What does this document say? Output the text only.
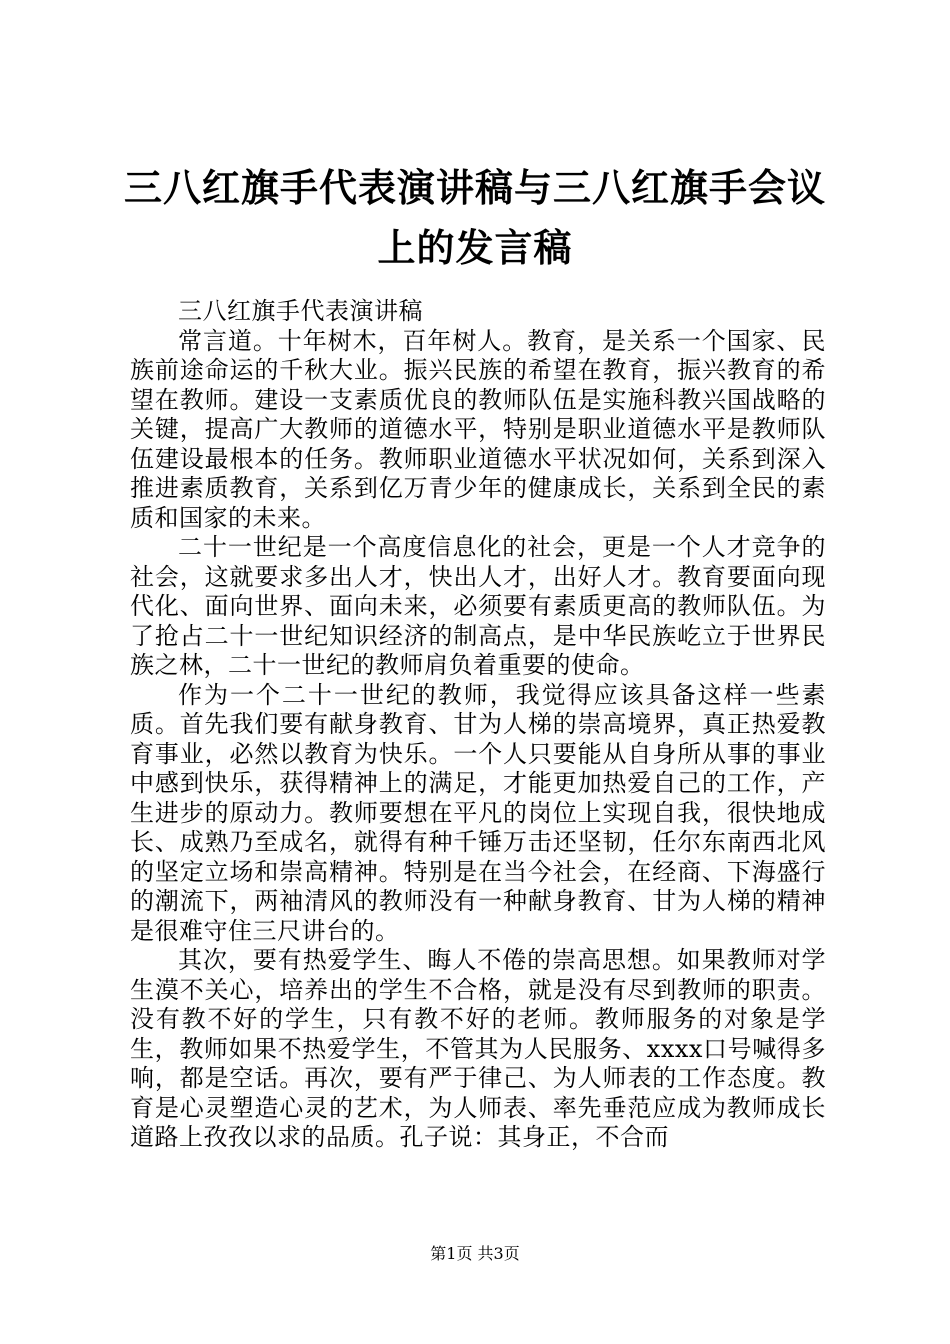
三八红旗手代表演讲稿与三八红旗手会议上的发言稿

三八红旗手代表演讲稿

常言道。十年树木，百年树人。教育，是关系一个国家、民族前途命运的千秋大业。振兴民族的希望在教育，振兴教育的希望在教师。建设一支素质优良的教师队伍是实施科教兴国战略的关键，提高广大教师的道德水平，特别是职业道德水平是教师队伍建设最根本的任务。教师职业道德水平状况如何，关系到深入推进素质教育，关系到亿万青少年的健康成长，关系到全民的素质和国家的未来。

二十一世纪是一个高度信息化的社会，更是一个人才竞争的社会，这就要求多出人才，快出人才，出好人才。教育要面向现代化、面向世界、面向未来，必须要有素质更高的教师队伍。为了抢占二十一世纪知识经济的制高点，是中华民族屹立于世界民族之林，二十一世纪的教师肩负着重要的使命。

作为一个二十一世纪的教师，我觉得应该具备这样一些素质。首先我们要有献身教育、甘为人梯的崇高境界，真正热爱教育事业，必然以教育为快乐。一个人只要能从自身所从事的事业中感到快乐，获得精神上的满足，才能更加热爱自己的工作，产生进步的原动力。教师要想在平凡的岗位上实现自我，很快地成长、成熟乃至成名，就得有种千锤万击还坚韧，任尔东南西北风的坚定立场和崇高精神。特别是在当今社会，在经商、下海盛行的潮流下，两袖清风的教师没有一种献身教育、甘为人梯的精神是很难守住三尺讲台的。

其次，要有热爱学生、晦人不倦的崇高思想。如果教师对学生漠不关心，培养出的学生不合格，就是没有尽到教师的职责。没有教不好的学生，只有教不好的老师。教师服务的对象是学生，教师如果不热爱学生，不管其为人民服务、xxxx口号喊得多响，都是空话。再次，要有严于律己、为人师表的工作态度。教育是心灵塑造心灵的艺术，为人师表、率先垂范应成为教师成长道路上孜孜以求的品质。孔子说：其身正，不合而

第1页 共3页
